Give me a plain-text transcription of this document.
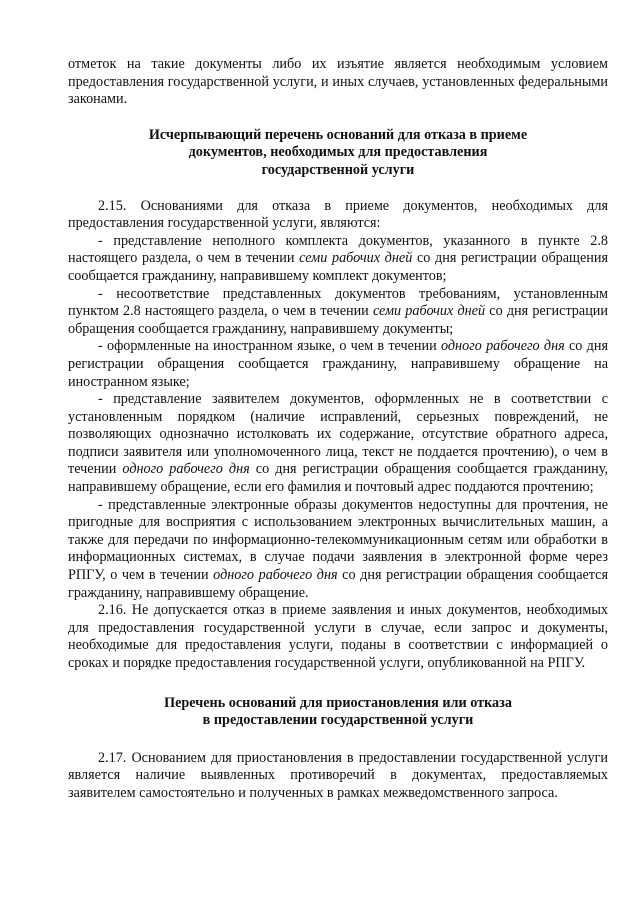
отметок на такие документы либо их изъятие является необходимым условием предоставления государственной услуги, и иных случаев, установленных федеральными законами.

Исчерпывающий перечень оснований для отказа в приеме
документов, необходимых для предоставления
государственной услуги

2.15. Основаниями для отказа в приеме документов, необходимых для предоставления государственной услуги, являются:

- представление неполного комплекта документов, указанного в пункте 2.8 настоящего раздела, о чем в течении семи рабочих дней со дня регистрации обращения сообщается гражданину, направившему комплект документов;

- несоответствие представленных документов требованиям, установленным пунктом 2.8 настоящего раздела, о чем в течении семи рабочих дней со дня регистрации обращения сообщается гражданину, направившему документы;

- оформленные на иностранном языке, о чем в течении одного рабочего дня со дня регистрации обращения сообщается гражданину, направившему обращение на иностранном языке;

- представление заявителем документов, оформленных не в соответствии с установленным порядком (наличие исправлений, серьезных повреждений, не позволяющих однозначно истолковать их содержание, отсутствие обратного адреса, подписи заявителя или уполномоченного лица, текст не поддается прочтению), о чем в течении одного рабочего дня со дня регистрации обращения сообщается гражданину, направившему обращение, если его фамилия и почтовый адрес поддаются прочтению;

- представленные электронные образы документов недоступны для прочтения, не пригодные для восприятия с использованием электронных вычислительных машин, а также для передачи по информационно-телекоммуникационным сетям или обработки в информационных системах, в случае подачи заявления в электронной форме через РПГУ, о чем в течении одного рабочего дня со дня регистрации обращения сообщается гражданину, направившему обращение.

2.16. Не допускается отказ в приеме заявления и иных документов, необходимых для предоставления государственной услуги в случае, если запрос и документы, необходимые для предоставления услуги, поданы в соответствии с информацией о сроках и порядке предоставления государственной услуги, опубликованной на РПГУ.

Перечень оснований для приостановления или отказа
в предоставлении государственной услуги

2.17. Основанием для приостановления в предоставлении государственной услуги является наличие выявленных противоречий в документах, предоставляемых заявителем самостоятельно и полученных в рамках межведомственного запроса.
